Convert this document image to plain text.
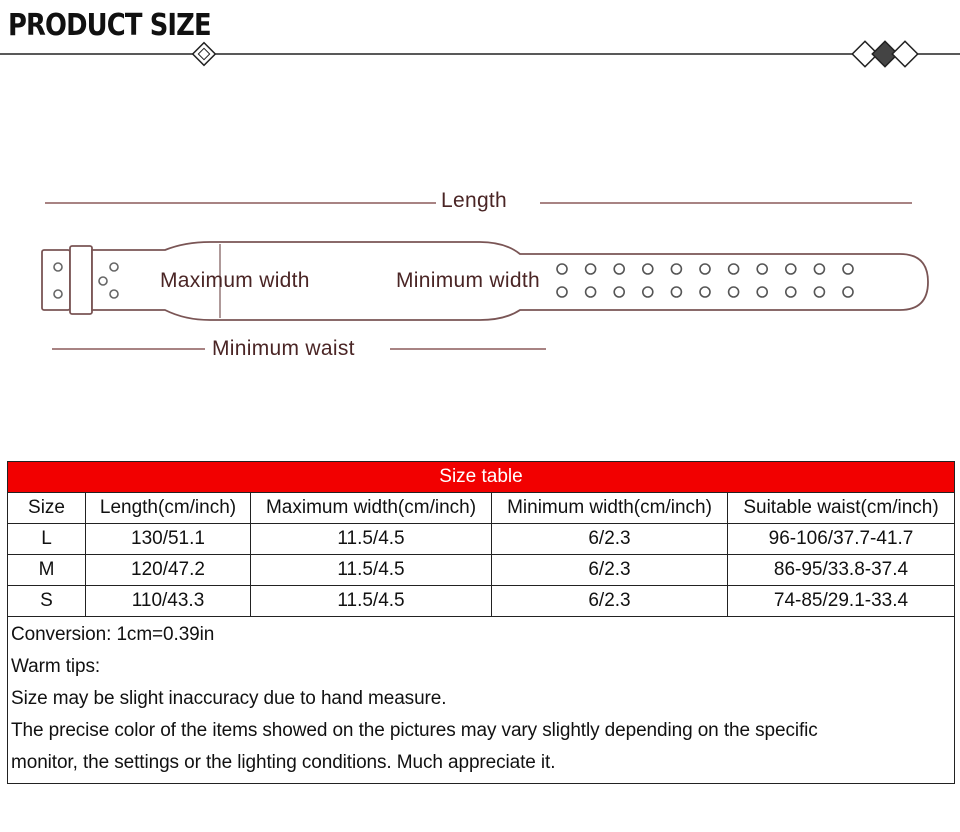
PRODUCT SIZE
Length
Maximum width	Minimum width
Minimum waist
Size table				
Size	Length(cm/inch)	Maximum width(cm/inch)	Minimum width(cm/inch)	Suitable waist(cm/inch)
L	130/51.1	11.5/4.5	6/2.3	96-106/37.7-41.7
M	120/47.2	11.5/4.5	6/2.3	86-95/33.8-37.4
S	110/43.3	11.5/4.5	6/2.3	74-85/29.1-33.4

Conversion: 1cm=0.39in
Warm tips:
Size may be slight inaccuracy due to hand measure.
The precise color of the items showed on the pictures may vary slightly depending on the specific
monitor, the settings or the lighting conditions. Much appreciate it.				
